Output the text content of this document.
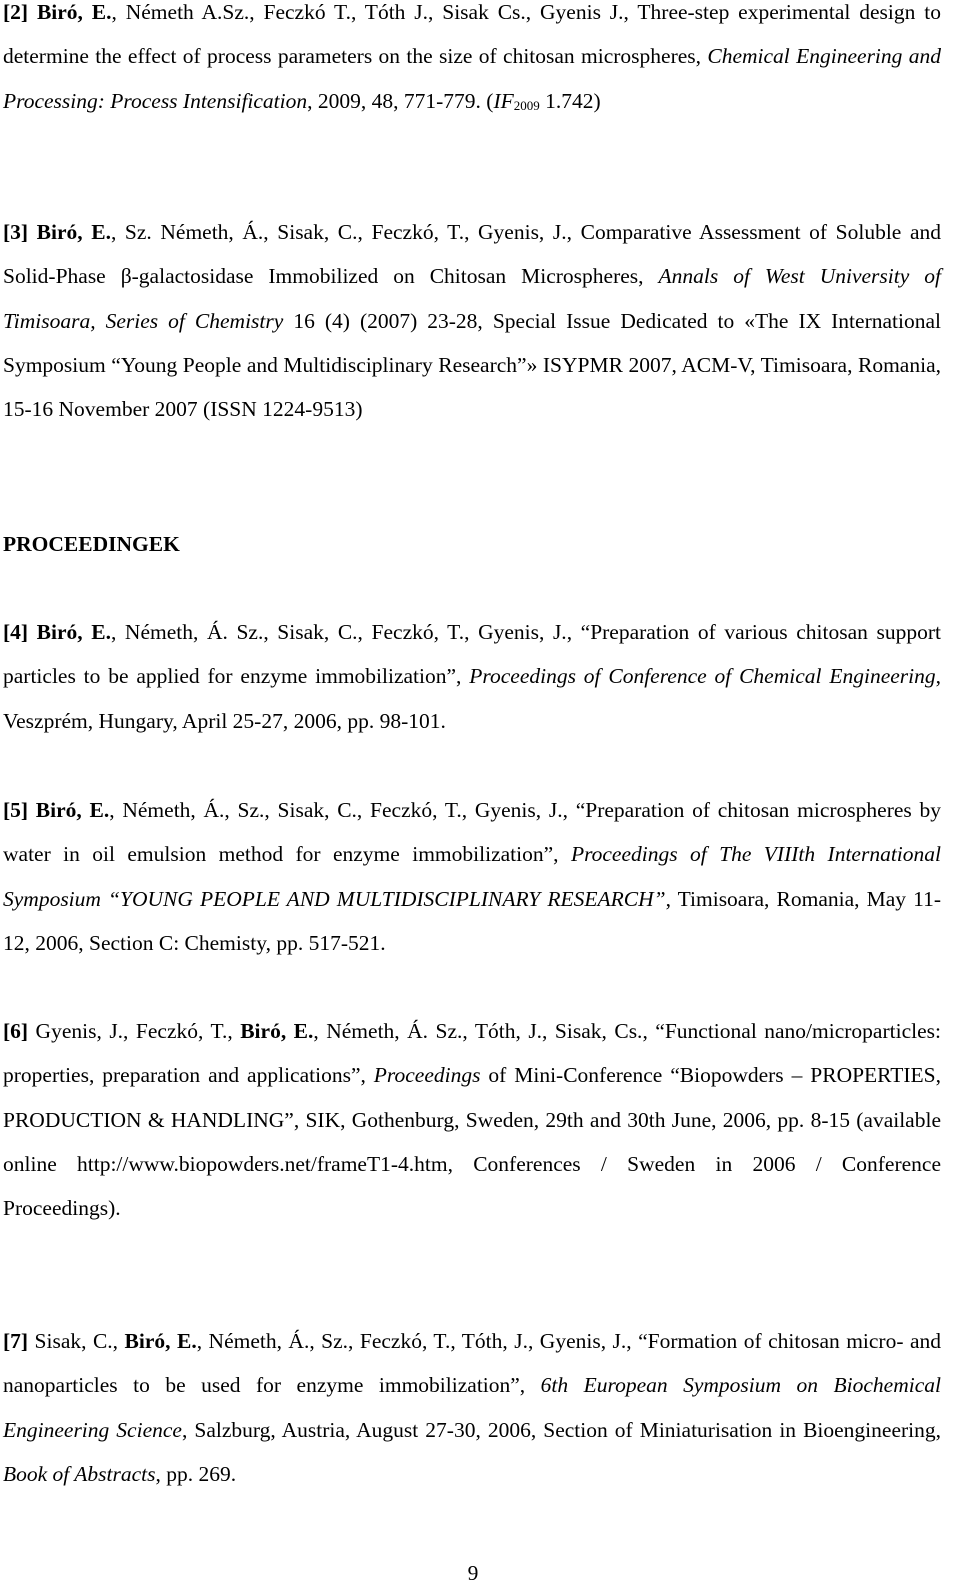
[2] Biró, E., Németh A.Sz., Feczkó T., Tóth J., Sisak Cs., Gyenis J., Three-step experimental design to determine the effect of process parameters on the size of chitosan microspheres, Chemical Engineering and Processing: Process Intensification, 2009, 48, 771-779. ($IF_{2009}$ 1.742)
[3] Biró, E., Sz. Németh, Á., Sisak, C., Feczkó, T., Gyenis, J., Comparative Assessment of Soluble and Solid-Phase β-galactosidase Immobilized on Chitosan Microspheres, Annals of West University of Timisoara, Series of Chemistry 16 (4) (2007) 23-28, Special Issue Dedicated to «The IX International Symposium “Young People and Multidisciplinary Research”» ISYPMR 2007, ACM-V, Timisoara, Romania, 15-16 November 2007 (ISSN 1224-9513)
PROCEEDINGEK
[4] Biró, E., Németh, Á. Sz., Sisak, C., Feczkó, T., Gyenis, J., “Preparation of various chitosan support particles to be applied for enzyme immobilization”, Proceedings of Conference of Chemical Engineering, Veszprém, Hungary, April 25-27, 2006, pp. 98-101.
[5] Biró, E., Németh, Á., Sz., Sisak, C., Feczkó, T., Gyenis, J., “Preparation of chitosan microspheres by water in oil emulsion method for enzyme immobilization”, Proceedings of The VIIIth International Symposium “YOUNG PEOPLE AND MULTIDISCIPLINARY RESEARCH”, Timisoara, Romania, May 11-12, 2006, Section C: Chemisty, pp. 517-521.
[6] Gyenis, J., Feczkó, T., Biró, E., Németh, Á. Sz., Tóth, J., Sisak, Cs., “Functional nano/microparticles: properties, preparation and applications”, Proceedings of Mini-Conference “Biopowders – PROPERTIES, PRODUCTION & HANDLING”, SIK, Gothenburg, Sweden, 29th and 30th June, 2006, pp. 8-15 (available online http://www.biopowders.net/frameT1-4.htm, Conferences / Sweden in 2006 / Conference Proceedings).
[7] Sisak, C., Biró, E., Németh, Á., Sz., Feczkó, T., Tóth, J., Gyenis, J., “Formation of chitosan micro- and nanoparticles to be used for enzyme immobilization”, 6th European Symposium on Biochemical Engineering Science, Salzburg, Austria, August 27-30, 2006, Section of Miniaturisation in Bioengineering, Book of Abstracts, pp. 269.
9
